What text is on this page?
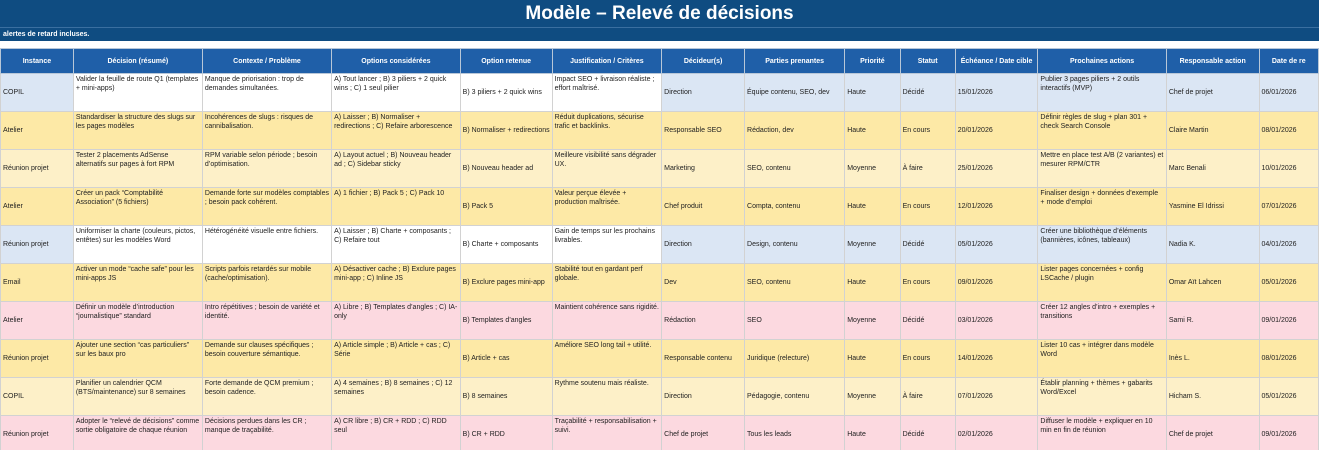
Modèle – Relevé de décisions
alertes de retard incluses.
Instance	Décision (résumé)	Contexte / Problème	Options considérées	Option retenue	Justification / Critères	Décideur(s)	Parties prenantes	Priorité	Statut	Échéance / Date cible	Prochaines actions	Responsable action	Date de re
COPIL	Valider la feuille de route Q1 (templates + mini-apps)	Manque de priorisation : trop de demandes simultanées.	A) Tout lancer ; B) 3 piliers + 2 quick wins ; C) 1 seul pilier	B) 3 piliers + 2 quick wins	Impact SEO + livraison réaliste ; effort maîtrisé.	Direction	Équipe contenu, SEO, dev	Haute	Décidé	15/01/2026	Publier 3 pages piliers + 2 outils interactifs (MVP)	Chef de projet	06/01/2026
Atelier	Standardiser la structure des slugs sur les pages modèles	Incohérences de slugs : risques de cannibalisation.	A) Laisser ; B) Normaliser + redirections ; C) Refaire arborescence	B) Normaliser + redirections	Réduit duplications, sécurise trafic et backlinks.	Responsable SEO	Rédaction, dev	Haute	En cours	20/01/2026	Définir règles de slug + plan 301 + check Search Console	Claire Martin	08/01/2026
Réunion projet	Tester 2 placements AdSense alternatifs sur pages à fort RPM	RPM variable selon période ; besoin d’optimisation.	A) Layout actuel ; B) Nouveau header ad ; C) Sidebar sticky	B) Nouveau header ad	Meilleure visibilité sans dégrader UX.	Marketing	SEO, contenu	Moyenne	À faire	25/01/2026	Mettre en place test A/B (2 variantes) et mesurer RPM/CTR	Marc Benali	10/01/2026
Atelier	Créer un pack “Comptabilité Association” (5 fichiers)	Demande forte sur modèles comptables ; besoin pack cohérent.	A) 1 fichier ; B) Pack 5 ; C) Pack 10	B) Pack 5	Valeur perçue élevée + production maîtrisée.	Chef produit	Compta, contenu	Haute	En cours	12/01/2026	Finaliser design + données d’exemple + mode d’emploi	Yasmine El Idrissi	07/01/2026
Réunion projet	Uniformiser la charte (couleurs, pictos, entêtes) sur les modèles Word	Hétérogénéité visuelle entre fichiers.	A) Laisser ; B) Charte + composants ; C) Refaire tout	B) Charte + composants	Gain de temps sur les prochains livrables.	Direction	Design, contenu	Moyenne	Décidé	05/01/2026	Créer une bibliothèque d’éléments (bannières, icônes, tableaux)	Nadia K.	04/01/2026
Email	Activer un mode “cache safe” pour les mini-apps JS	Scripts parfois retardés sur mobile (cache/optimisation).	A) Désactiver cache ; B) Exclure pages mini-app ; C) Inline JS	B) Exclure pages mini-app	Stabilité tout en gardant perf globale.	Dev	SEO, contenu	Haute	En cours	09/01/2026	Lister pages concernées + config LSCache / plugin	Omar Aït Lahcen	05/01/2026
Atelier	Définir un modèle d’introduction “journalistique” standard	Intro répétitives ; besoin de variété et identité.	A) Libre ; B) Templates d’angles ; C) IA-only	B) Templates d’angles	Maintient cohérence sans rigidité.	Rédaction	SEO	Moyenne	Décidé	03/01/2026	Créer 12 angles d’intro + exemples + transitions	Sami R.	09/01/2026
Réunion projet	Ajouter une section “cas particuliers” sur les baux pro	Demande sur clauses spécifiques ; besoin couverture sémantique.	A) Article simple ; B) Article + cas ; C) Série	B) Article + cas	Améliore SEO long tail + utilité.	Responsable contenu	Juridique (relecture)	Haute	En cours	14/01/2026	Lister 10 cas + intégrer dans modèle Word	Inès L.	08/01/2026
COPIL	Planifier un calendrier QCM (BTS/maintenance) sur 8 semaines	Forte demande de QCM premium ; besoin cadence.	A) 4 semaines ; B) 8 semaines ; C) 12 semaines	B) 8 semaines	Rythme soutenu mais réaliste.	Direction	Pédagogie, contenu	Moyenne	À faire	07/01/2026	Établir planning + thèmes + gabarits Word/Excel	Hicham S.	05/01/2026
Réunion projet	Adopter le “relevé de décisions” comme sortie obligatoire de chaque réunion	Décisions perdues dans les CR ; manque de traçabilité.	A) CR libre ; B) CR + RDD ; C) RDD seul	B) CR + RDD	Traçabilité + responsabilisation + suivi.	Chef de projet	Tous les leads	Haute	Décidé	02/01/2026	Diffuser le modèle + expliquer en 10 min en fin de réunion	Chef de projet	09/01/2026
